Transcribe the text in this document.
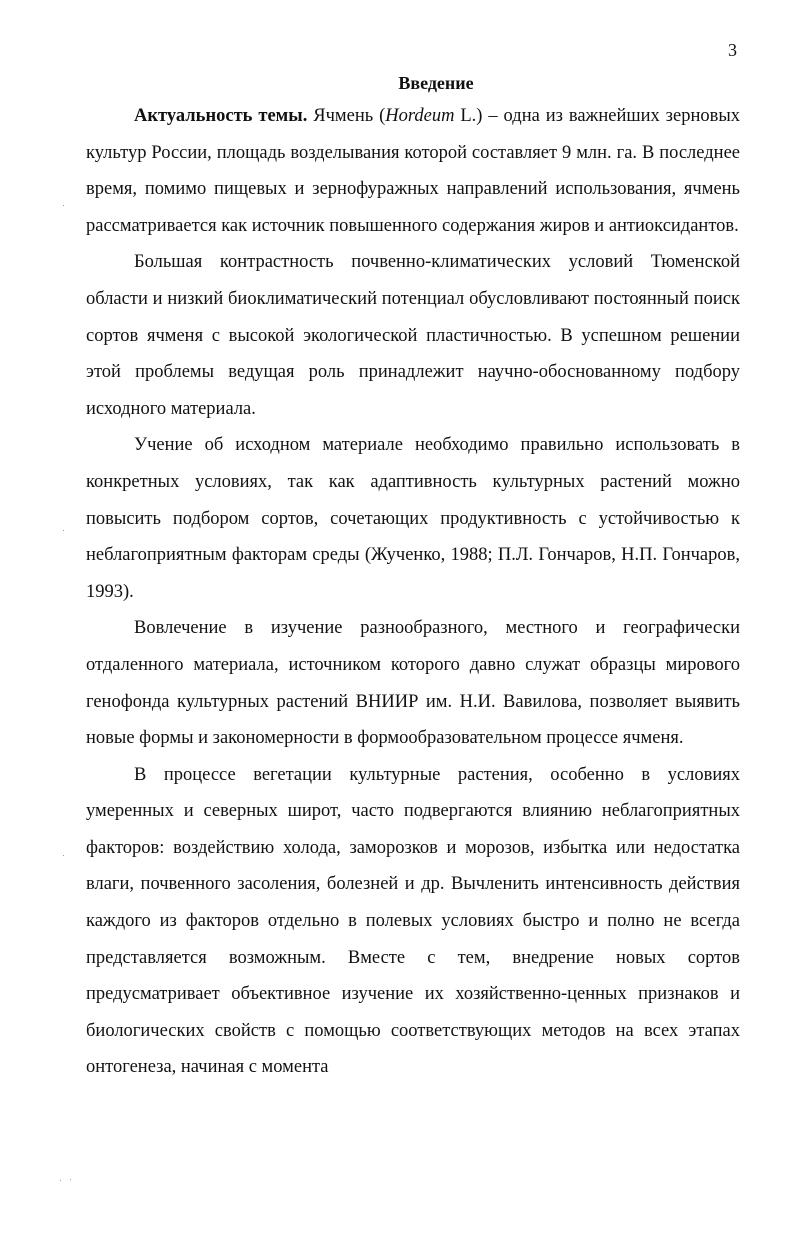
3
Введение

Актуальность темы. Ячмень (Hordeum L.) – одна из важнейших зерновых культур России, площадь возделывания которой составляет 9 млн. га. В последнее время, помимо пищевых и зернофуражных направлений использования, ячмень рассматривается как источник повышенного содержания жиров и антиоксидантов.

Большая контрастность почвенно-климатических условий Тюменской области и низкий биоклиматический потенциал обусловливают постоянный поиск сортов ячменя с высокой экологической пластичностью. В успешном решении этой проблемы ведущая роль принадлежит научно-обоснованному подбору исходного материала.

Учение об исходном материале необходимо правильно использовать в конкретных условиях, так как адаптивность культурных растений можно повысить подбором сортов, сочетающих продуктивность с устойчивостью к неблагоприятным факторам среды (Жученко, 1988; П.Л. Гончаров, Н.П. Гончаров, 1993).

Вовлечение в изучение разнообразного, местного и географически отдаленного материала, источником которого давно служат образцы мирового генофонда культурных растений ВНИИР им. Н.И. Вавилова, позволяет выявить новые формы и закономерности в формообразовательном процессе ячменя.

В процессе вегетации культурные растения, особенно в условиях умеренных и северных широт, часто подвергаются влиянию неблагоприятных факторов: воздействию холода, заморозков и морозов, избытка или недостатка влаги, почвенного засоления, болезней и др. Вычленить интенсивность действия каждого из факторов отдельно в полевых условиях быстро и полно не всегда представляется возможным. Вместе с тем, внедрение новых сортов предусматривает объективное изучение их хозяйственно-ценных признаков и биологических свойств с помощью соответствующих методов на всех этапах онтогенеза, начиная с момента
